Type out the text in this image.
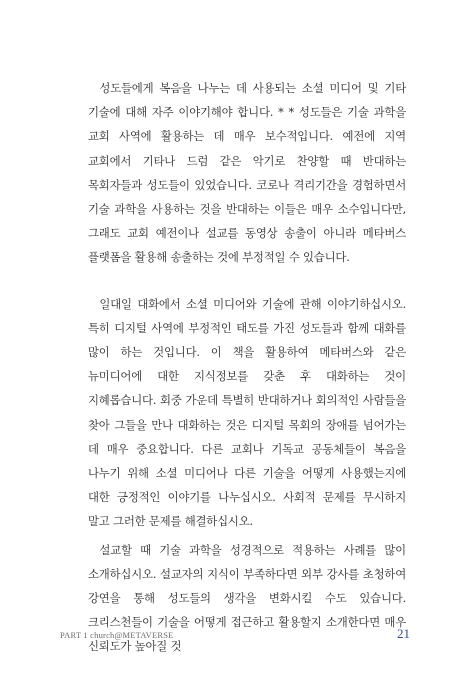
성도들에게 복음을 나누는 데 사용되는 소셜 미디어 및 기타 기술에 대해 자주 이야기해야 합니다. * * 성도들은 기술 과학을 교회 사역에 활용하는 데 매우 보수적입니다. 예전에 지역 교회에서 기타나 드럼 같은 악기로 찬양할 때 반대하는 목회자들과 성도들이 있었습니다. 코로나 격리기간을 경험하면서 기술 과학을 사용하는 것을 반대하는 이들은 매우 소수입니다만, 그래도 교회 예전이나 설교를 동영상 송출이 아니라 메타버스 플랫폼을 활용해 송출하는 것에 부정적일 수 있습니다.

일대일 대화에서 소셜 미디어와 기술에 관해 이야기하십시오. 특히 디지털 사역에 부정적인 태도를 가진 성도들과 함께 대화를 많이 하는 것입니다. 이 책을 활용하여 메타버스와 같은 뉴미디어에 대한 지식정보를 갖춘 후 대화하는 것이 지혜롭습니다. 회중 가운데 특별히 반대하거나 회의적인 사람들을 찾아 그들을 만나 대화하는 것은 디지털 목회의 장애를 넘어가는 데 매우 중요합니다. 다른 교회나 기독교 공동체들이 복음을 나누기 위해 소셜 미디어나 다른 기술을 어떻게 사용했는지에 대한 긍정적인 이야기를 나누십시오. 사회적 문제를 무시하지 말고 그러한 문제를 해결하십시오.

설교할 때 기술 과학을 성경적으로 적용하는 사례를 많이 소개하십시오. 설교자의 지식이 부족하다면 외부 강사를 초청하여 강연을 통해 성도들의 생각을 변화시킬 수도 있습니다. 크리스천들이 기술을 어떻게 접근하고 활용할지 소개한다면 매우 신뢰도가 높아질 것

PART 1 church@METAVERSE	21
